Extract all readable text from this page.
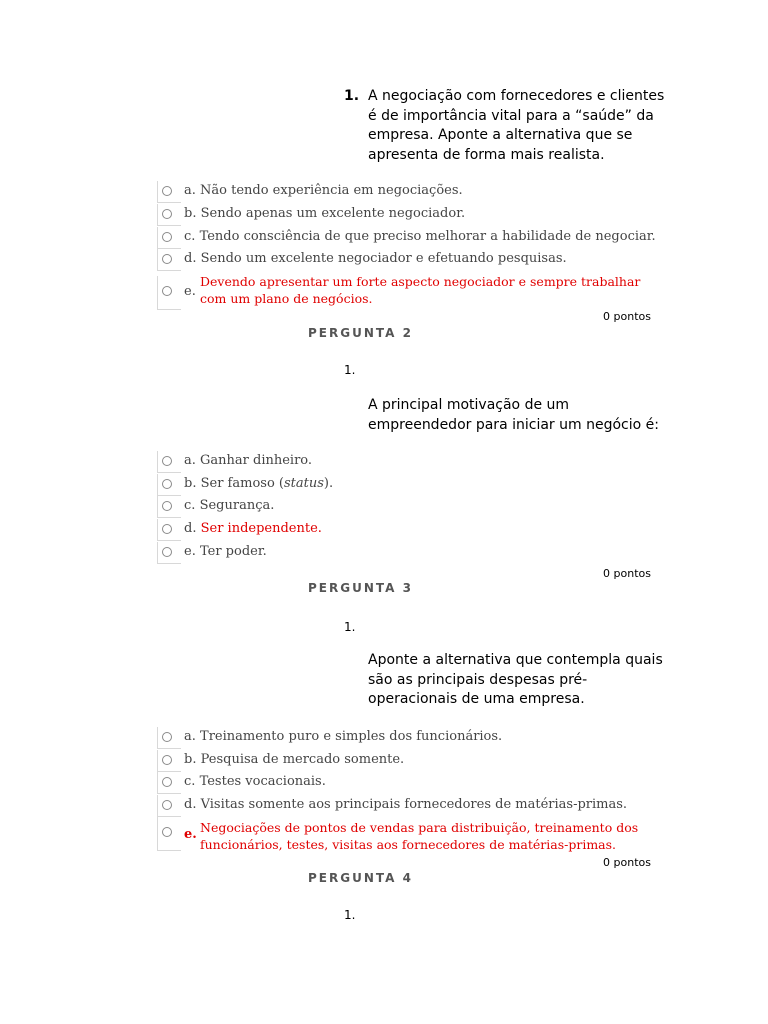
1. A negociação com fornecedores e clientes
é de importância vital para a “saúde” da
empresa. Aponte a alternativa que se
apresenta de forma mais realista.
a. Não tendo experiência em negociações.
b. Sendo apenas um excelente negociador.
c. Tendo consciência de que preciso melhorar a habilidade de negociar.
d. Sendo um excelente negociador e efetuando pesquisas.
e.
Devendo apresentar um forte aspecto negociador e sempre trabalhar
com um plano de negócios.
0 pontos
PERGUNTA 2
1.
A principal motivação de um
empreendedor para iniciar um negócio é:
a. Ganhar dinheiro.
b. Ser famoso (status).
c. Segurança.
d. Ser independente.
e. Ter poder.
0 pontos
PERGUNTA 3
1.
Aponte a alternativa que contempla quais
são as principais despesas pré-
operacionais de uma empresa.
a. Treinamento puro e simples dos funcionários.
b. Pesquisa de mercado somente.
c. Testes vocacionais.
d. Visitas somente aos principais fornecedores de matérias-primas.
e. Negociações de pontos de vendas para distribuição, treinamento dos
funcionários, testes, visitas aos fornecedores de matérias-primas.
0 pontos
PERGUNTA 4
1.
